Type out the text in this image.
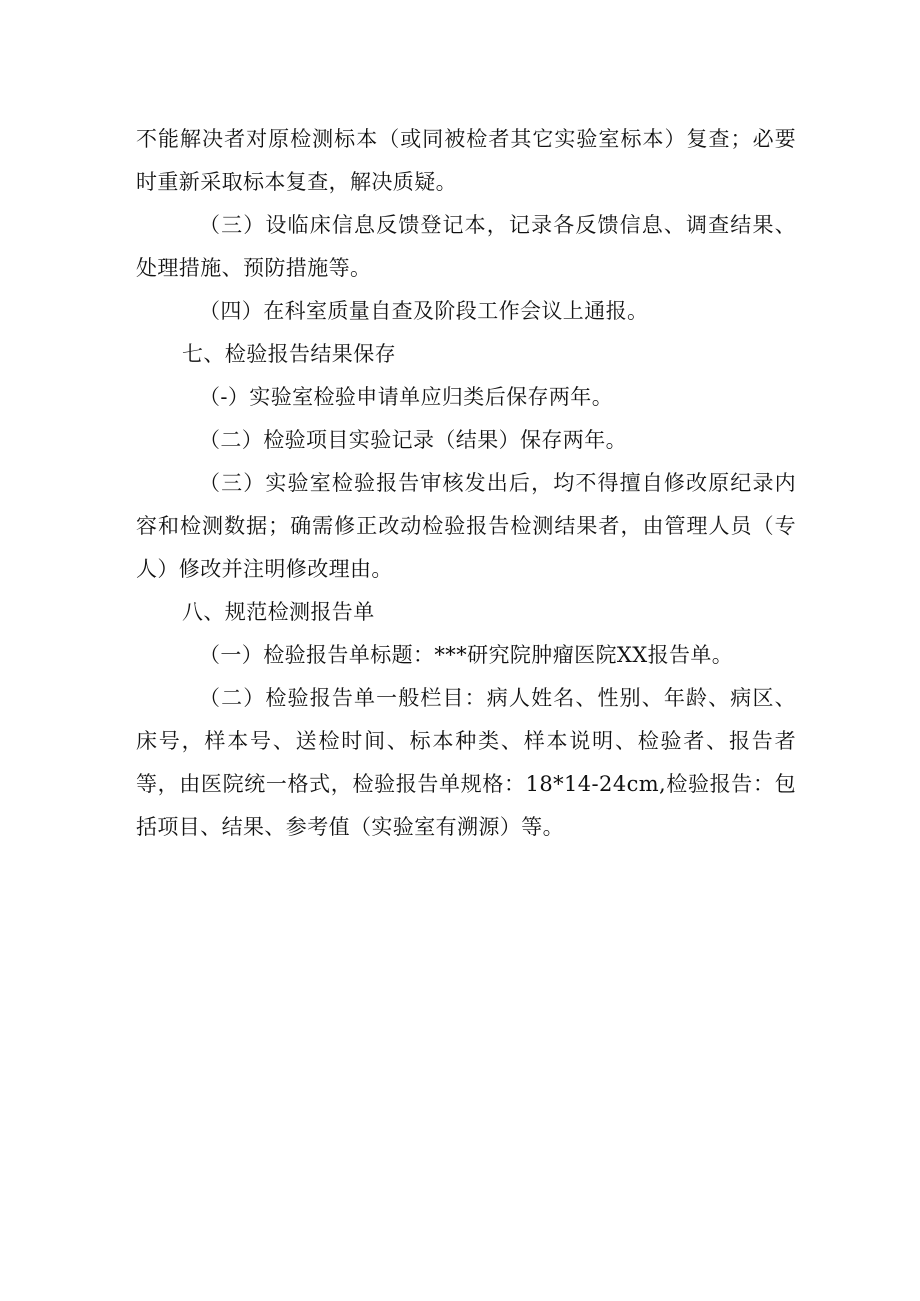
不能解决者对原检测标本（或同被检者其它实验室标本）复查；必要时重新采取标本复查，解决质疑。

（三）设临床信息反馈登记本，记录各反馈信息、调查结果、处理措施、预防措施等。

（四）在科室质量自查及阶段工作会议上通报。

七、检验报告结果保存

（-）实验室检验申请单应归类后保存两年。

（二）检验项目实验记录（结果）保存两年。

（三）实验室检验报告审核发出后，均不得擅自修改原纪录内容和检测数据；确需修正改动检验报告检测结果者，由管理人员（专人）修改并注明修改理由。

八、规范检测报告单

（一）检验报告单标题：***研究院肿瘤医院XX报告单。

（二）检验报告单一般栏目：病人姓名、性别、年龄、病区、床号，样本号、送检时间、标本种类、样本说明、检验者、报告者等，由医院统一格式，检验报告单规格：18*14-24cm,检验报告：包括项目、结果、参考值（实验室有溯源）等。
